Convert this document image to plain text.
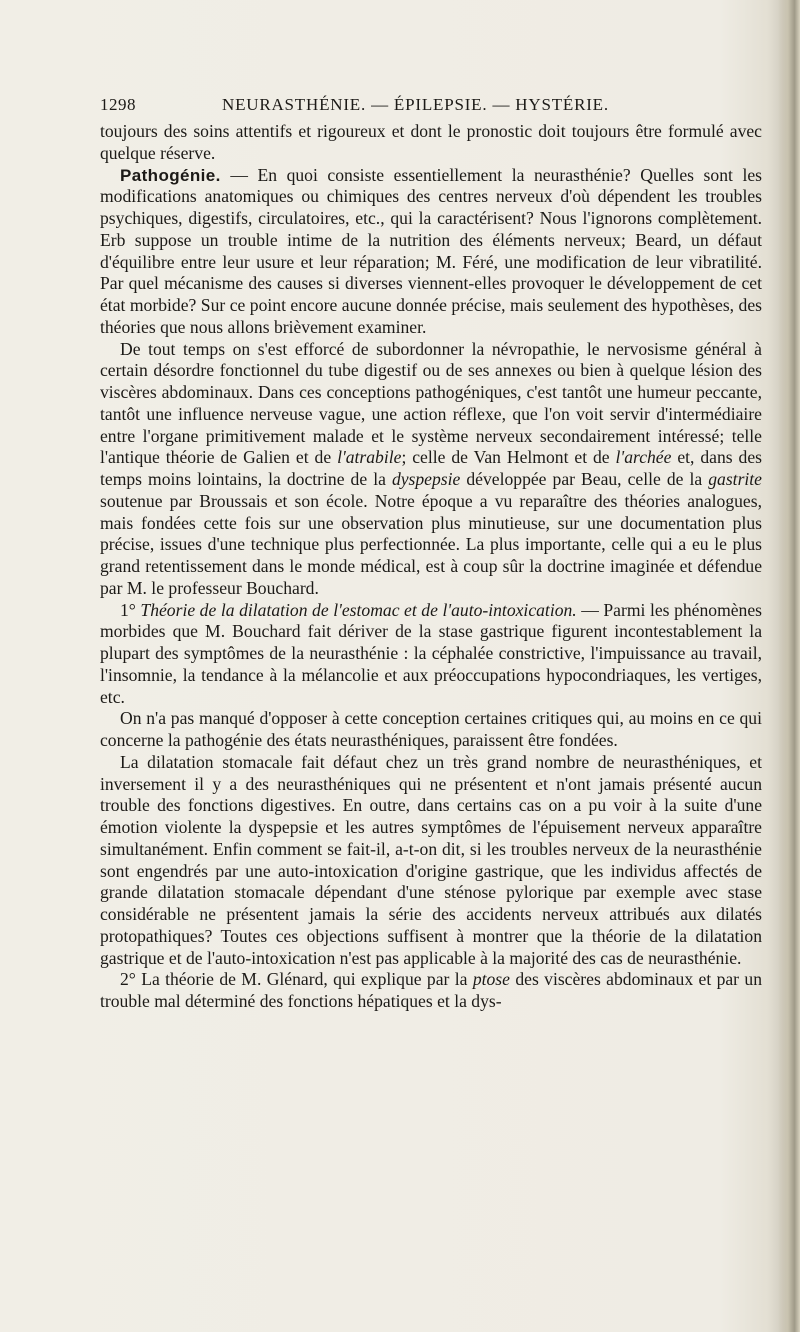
1298	NEURASTHÉNIE. — ÉPILEPSIE. — HYSTÉRIE.

toujours des soins attentifs et rigoureux et dont le pronostic doit toujours être formulé avec quelque réserve.

Pathogénie. — En quoi consiste essentiellement la neurasthénie? Quelles sont les modifications anatomiques ou chimiques des centres nerveux d'où dépendent les troubles psychiques, digestifs, circulatoires, etc., qui la caractérisent? Nous l'ignorons complètement. Erb suppose un trouble intime de la nutrition des éléments nerveux; Beard, un défaut d'équilibre entre leur usure et leur réparation; M. Féré, une modification de leur vibratilité. Par quel mécanisme des causes si diverses viennent-elles provoquer le développement de cet état morbide? Sur ce point encore aucune donnée précise, mais seulement des hypothèses, des théories que nous allons brièvement examiner.

De tout temps on s'est efforcé de subordonner la névropathie, le nervosisme général à certain désordre fonctionnel du tube digestif ou de ses annexes ou bien à quelque lésion des viscères abdominaux. Dans ces conceptions pathogéniques, c'est tantôt une humeur peccante, tantôt une influence nerveuse vague, une action réflexe, que l'on voit servir d'intermédiaire entre l'organe primitivement malade et le système nerveux secondairement intéressé; telle l'antique théorie de Galien et de l'atrabile; celle de Van Helmont et de l'archée et, dans des temps moins lointains, la doctrine de la dyspepsie développée par Beau, celle de la gastrite soutenue par Broussais et son école. Notre époque a vu reparaître des théories analogues, mais fondées cette fois sur une observation plus minutieuse, sur une documentation plus précise, issues d'une technique plus perfectionnée. La plus importante, celle qui a eu le plus grand retentissement dans le monde médical, est à coup sûr la doctrine imaginée et défendue par M. le professeur Bouchard.

1° Théorie de la dilatation de l'estomac et de l'auto-intoxication. — Parmi les phénomènes morbides que M. Bouchard fait dériver de la stase gastrique figurent incontestablement la plupart des symptômes de la neurasthénie : la céphalée constrictive, l'impuissance au travail, l'insomnie, la tendance à la mélancolie et aux préoccupations hypocondriaques, les vertiges, etc.

On n'a pas manqué d'opposer à cette conception certaines critiques qui, au moins en ce qui concerne la pathogénie des états neurasthéniques, paraissent être fondées.

La dilatation stomacale fait défaut chez un très grand nombre de neurasthéniques, et inversement il y a des neurasthéniques qui ne présentent et n'ont jamais présenté aucun trouble des fonctions digestives. En outre, dans certains cas on a pu voir à la suite d'une émotion violente la dyspepsie et les autres symptômes de l'épuisement nerveux apparaître simultanément. Enfin comment se fait-il, a-t-on dit, si les troubles nerveux de la neurasthénie sont engendrés par une auto-intoxication d'origine gastrique, que les individus affectés de grande dilatation stomacale dépendant d'une sténose pylorique par exemple avec stase considérable ne présentent jamais la série des accidents nerveux attribués aux dilatés protopathiques? Toutes ces objections suffisent à montrer que la théorie de la dilatation gastrique et de l'auto-intoxication n'est pas applicable à la majorité des cas de neurasthénie.

2° La théorie de M. Glénard, qui explique par la ptose des viscères abdominaux et par un trouble mal déterminé des fonctions hépatiques et la dys-
